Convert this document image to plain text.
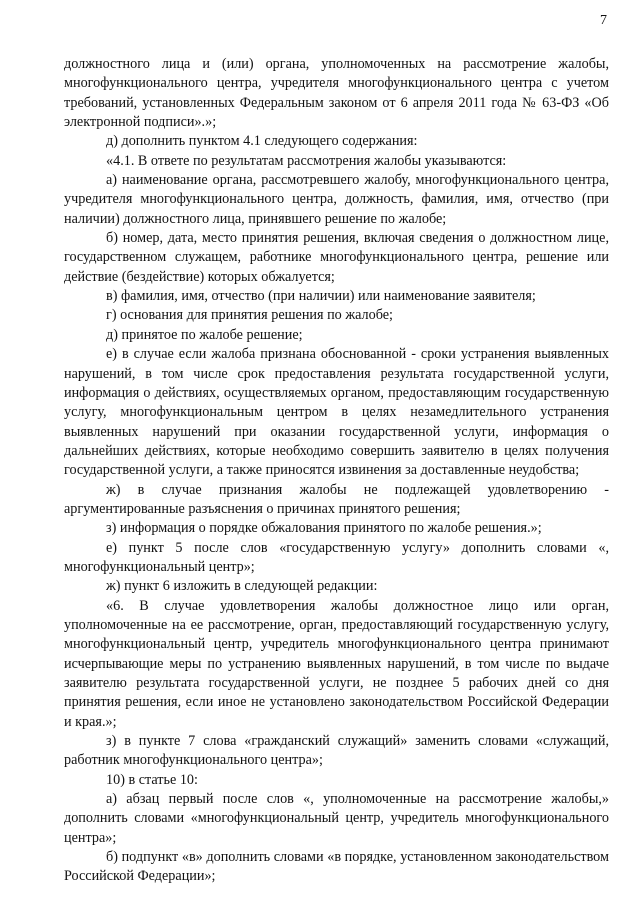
7

должностного лица и (или) органа, уполномоченных на рассмотрение жалобы, многофункционального центра, учредителя многофункционального центра с учетом требований, установленных Федеральным законом от 6 апреля 2011 года № 63-ФЗ «Об электронной подписи».»;

д) дополнить пунктом 4.1 следующего содержания:

«4.1. В ответе по результатам рассмотрения жалобы указываются:

а) наименование органа, рассмотревшего жалобу, многофункционального центра, учредителя многофункционального центра, должность, фамилия, имя, отчество (при наличии) должностного лица, принявшего решение по жалобе;

б) номер, дата, место принятия решения, включая сведения о должностном лице, государственном служащем, работнике многофункционального центра, решение или действие (бездействие) которых обжалуется;

в) фамилия, имя, отчество (при наличии) или наименование заявителя;

г) основания для принятия решения по жалобе;

д) принятое по жалобе решение;

е) в случае если жалоба признана обоснованной - сроки устранения выявленных нарушений, в том числе срок предоставления результата государственной услуги, информация о действиях, осуществляемых органом, предоставляющим государственную услугу, многофункциональным центром в целях незамедлительного устранения выявленных нарушений при оказании государственной услуги, информация о дальнейших действиях, которые необходимо совершить заявителю в целях получения государственной услуги, а также приносятся извинения за доставленные неудобства;

ж) в случае признания жалобы не подлежащей удовлетворению - аргументированные разъяснения о причинах принятого решения;

з) информация о порядке обжалования принятого по жалобе решения.»;

е) пункт 5 после слов «государственную услугу» дополнить словами «, многофункциональный центр»;

ж) пункт 6 изложить в следующей редакции:

«6. В случае удовлетворения жалобы должностное лицо или орган, уполномоченные на ее рассмотрение, орган, предоставляющий государственную услугу, многофункциональный центр, учредитель многофункционального центра принимают исчерпывающие меры по устранению выявленных нарушений, в том числе по выдаче заявителю результата государственной услуги, не позднее 5 рабочих дней со дня принятия решения, если иное не установлено законодательством Российской Федерации и края.»;

з) в пункте 7 слова «гражданский служащий» заменить словами «служащий, работник многофункционального центра»;

10) в статье 10:

а) абзац первый после слов «, уполномоченные на рассмотрение жалобы,» дополнить словами «многофункциональный центр, учредитель многофункционального центра»;

б) подпункт «в» дополнить словами «в порядке, установленном законодательством Российской Федерации»;
